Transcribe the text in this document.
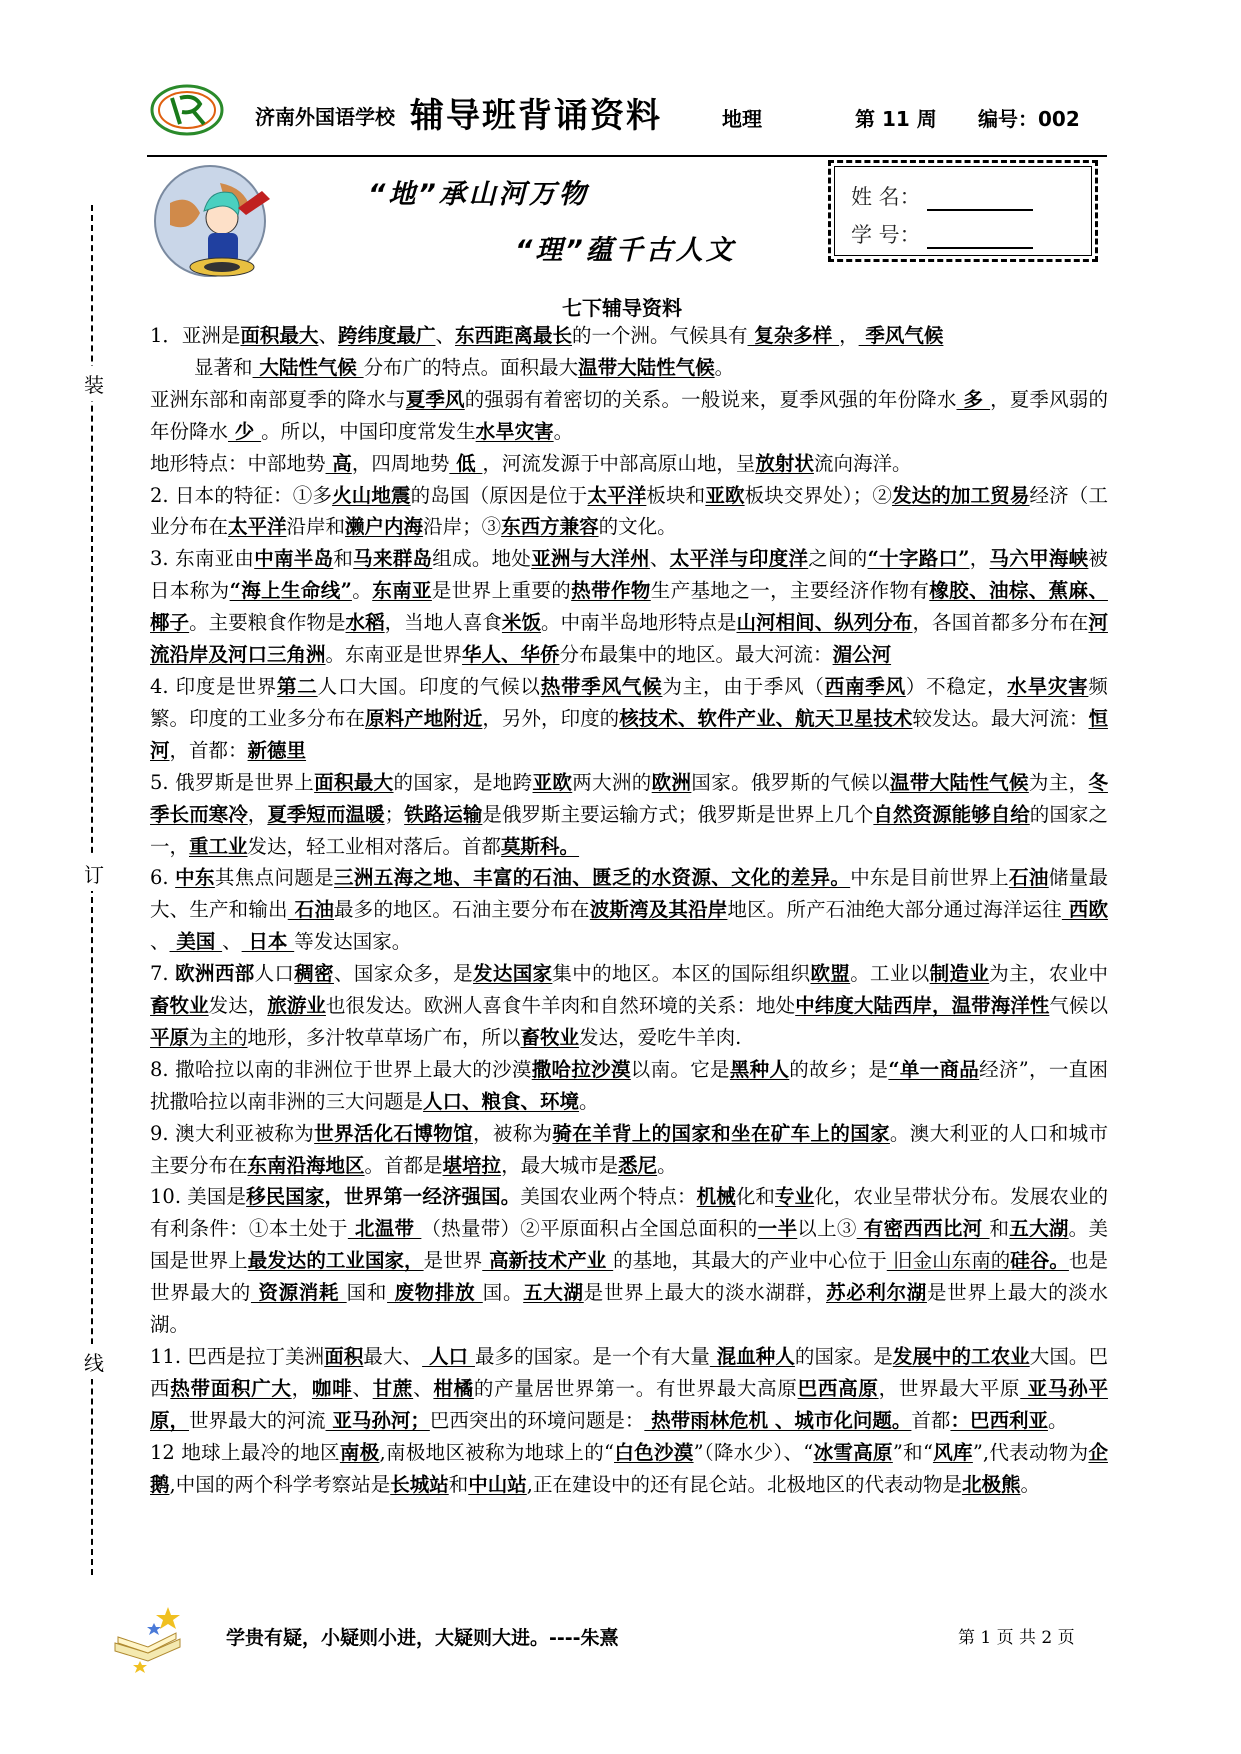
济南外国语学校 辅导班背诵资料	地理	第 11 周 编号：002
“地”承山河万物
“理”蕴千古人文
姓 名：
学 号：
装
订
线
七下辅导资料

1．亚洲是面积最大、跨纬度最广、东西距离最长的一个洲。气候具有 复杂多样 ， 季风气候

显著和 大陆性气候 分布广的特点。面积最大温带大陆性气候。

亚洲东部和南部夏季的降水与夏季风的强弱有着密切的关系。一般说来，夏季风强的年份降水 多 ，夏季风弱的年份降水 少 。所以，中国印度常发生水旱灾害。

地形特点：中部地势 高，四周地势 低 ，河流发源于中部高原山地，呈放射状流向海洋。

2. 日本的特征：①多火山地震的岛国（原因是位于太平洋板块和亚欧板块交界处）；②发达的加工贸易经济（工业分布在太平洋沿岸和濑户内海沿岸；③东西方兼容的文化。

3. 东南亚由中南半岛和马来群岛组成。地处亚洲与大洋州、太平洋与印度洋之间的“十字路口”，马六甲海峡被日本称为“海上生命线”。东南亚是世界上重要的热带作物生产基地之一，主要经济作物有橡胶、油棕、蕉麻、椰子。主要粮食作物是水稻，当地人喜食米饭。中南半岛地形特点是山河相间、纵列分布，各国首都多分布在河流沿岸及河口三角洲。东南亚是世界华人、华侨分布最集中的地区。最大河流：湄公河

4. 印度是世界第二人口大国。印度的气候以热带季风气候为主，由于季风（西南季风）不稳定，水旱灾害频繁。印度的工业多分布在原料产地附近，另外，印度的核技术、软件产业、航天卫星技术较发达。最大河流：恒河，首都：新德里

5. 俄罗斯是世界上面积最大的国家，是地跨亚欧两大洲的欧洲国家。俄罗斯的气候以温带大陆性气候为主，冬季长而寒冷，夏季短而温暖；铁路运输是俄罗斯主要运输方式；俄罗斯是世界上几个自然资源能够自给的国家之一，重工业发达，轻工业相对落后。首都莫斯科。

6. 中东其焦点问题是三洲五海之地、丰富的石油、匮乏的水资源、文化的差异。中东是目前世界上石油储量最大、生产和输出 石油最多的地区。石油主要分布在波斯湾及其沿岸地区。所产石油绝大部分通过海洋运往 西欧 、 美国 、 日本 等发达国家。

7. 欧洲西部人口稠密、国家众多，是发达国家集中的地区。本区的国际组织欧盟。工业以制造业为主，农业中畜牧业发达，旅游业也很发达。欧洲人喜食牛羊肉和自然环境的关系：地处中纬度大陆西岸，温带海洋性气候以平原为主的地形，多汁牧草草场广布，所以畜牧业发达，爱吃牛羊肉.

8. 撒哈拉以南的非洲位于世界上最大的沙漠撒哈拉沙漠以南。它是黑种人的故乡；是“单一商品经济”，一直困扰撒哈拉以南非洲的三大问题是人口、粮食、环境。

9. 澳大利亚被称为世界活化石博物馆，被称为骑在羊背上的国家和坐在矿车上的国家。澳大利亚的人口和城市主要分布在东南沿海地区。首都是堪培拉，最大城市是悉尼。

10. 美国是移民国家，世界第一经济强国。美国农业两个特点：机械化和专业化，农业呈带状分布。发展农业的有利条件：①本土处于 北温带 （热量带）②平原面积占全国总面积的一半以上③ 有密西西比河 和五大湖。美国是世界上最发达的工业国家，是世界 高新技术产业 的基地，其最大的产业中心位于 旧金山东南的硅谷。也是世界最大的 资源消耗 国和 废物排放 国。五大湖是世界上最大的淡水湖群，苏必利尔湖是世界上最大的淡水湖。

11. 巴西是拉丁美洲面积最大、 人口 最多的国家。是一个有大量 混血种人的国家。是发展中的工农业大国。巴西热带面积广大，咖啡、甘蔗、柑橘的产量居世界第一。有世界最大高原巴西高原，世界最大平原 亚马孙平原，世界最大的河流 亚马孙河；巴西突出的环境问题是： 热带雨林危机 、城市化问题。首都：巴西利亚。

12 地球上最冷的地区南极,南极地区被称为地球上的“白色沙漠”（降水少）、“冰雪高原”和“风库”,代表动物为企鹅,中国的两个科学考察站是长城站和中山站,正在建设中的还有昆仑站。北极地区的代表动物是北极熊。

学贵有疑，小疑则小进，大疑则大进。----朱熹	第 1 页 共 2 页
